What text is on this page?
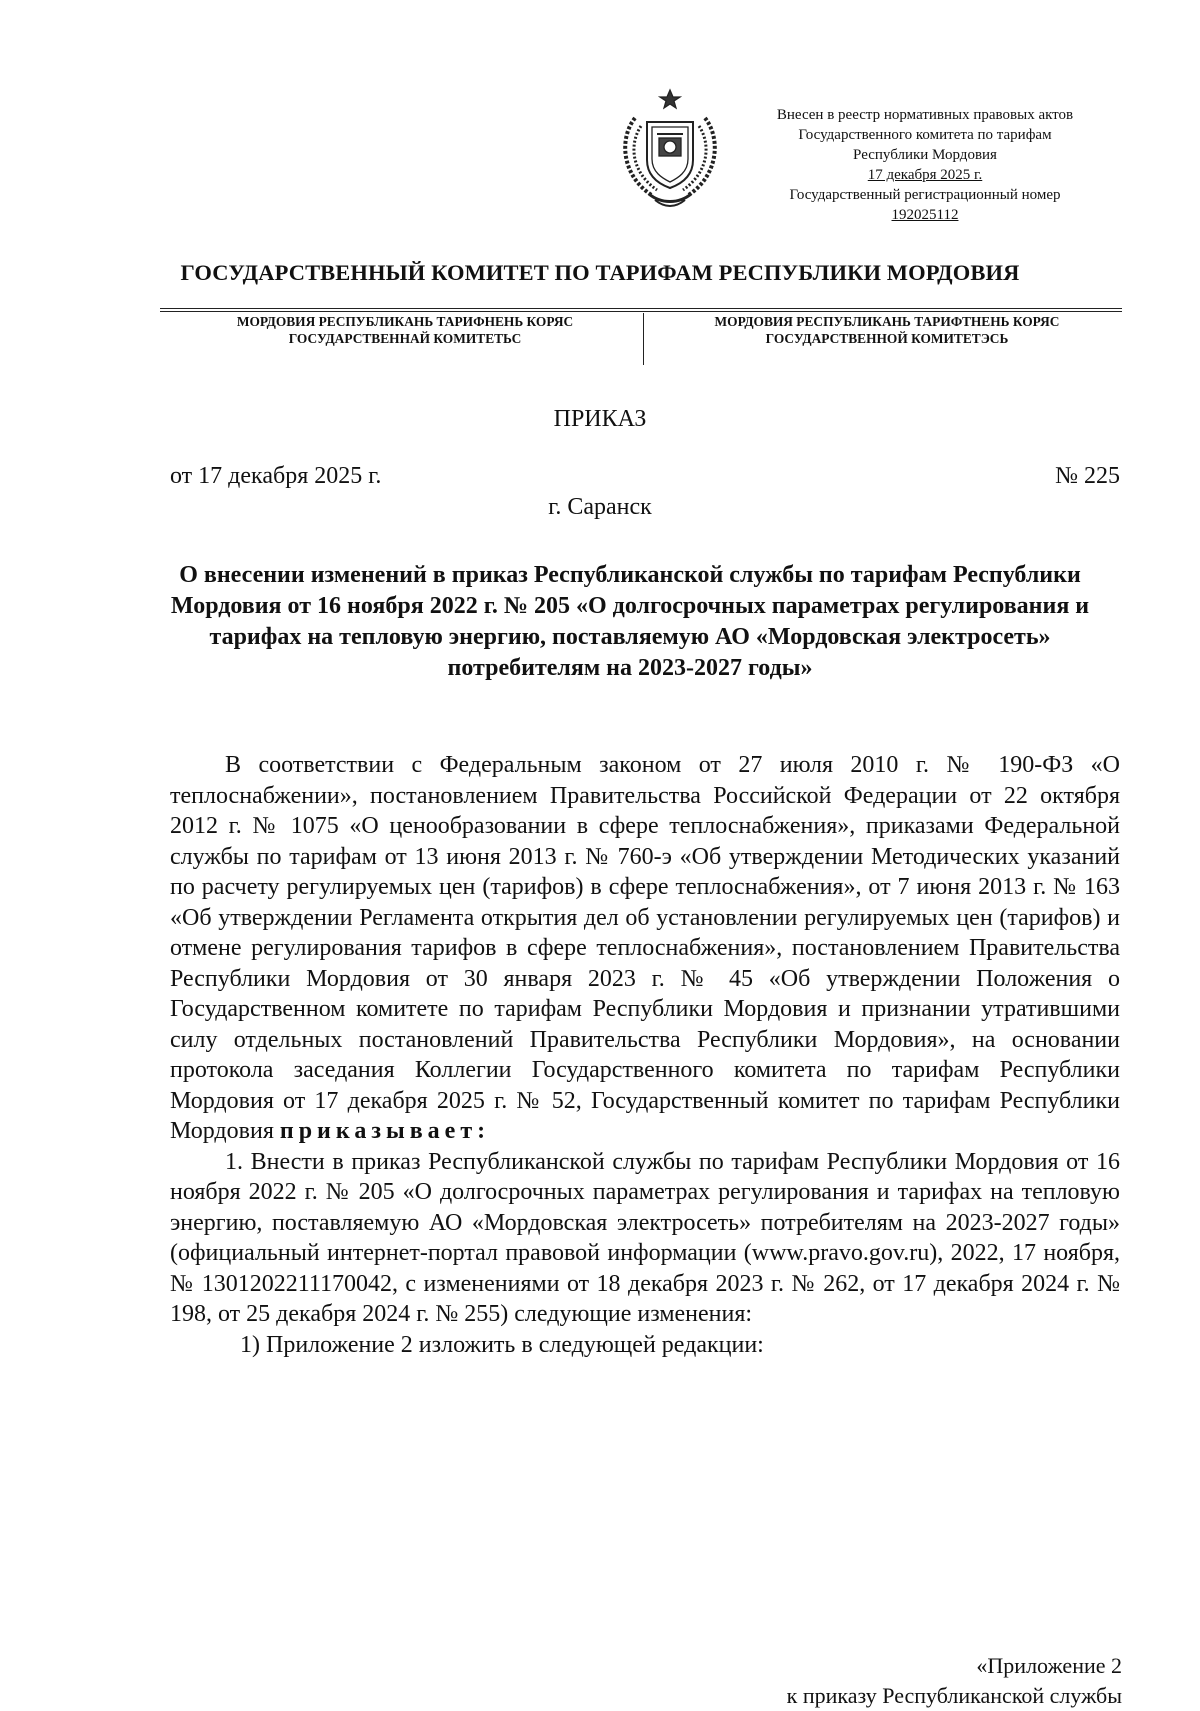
Внесен в реестр нормативных правовых актов
Государственного комитета по тарифам
Республики Мордовия
17 декабря 2025 г.
Государственный регистрационный номер
192025112
ГОСУДАРСТВЕННЫЙ КОМИТЕТ ПО ТАРИФАМ РЕСПУБЛИКИ МОРДОВИЯ
МОРДОВИЯ РЕСПУБЛИКАНЬ ТАРИФНЕНЬ КОРЯС
ГОСУДАРСТВЕННАЙ КОМИТЕТЬС
МОРДОВИЯ РЕСПУБЛИКАНЬ ТАРИФТНЕНЬ КОРЯС
ГОСУДАРСТВЕННОЙ КОМИТЕТЭСЬ
ПРИКАЗ
от 17 декабря 2025 г.	№ 225
г. Саранск
О внесении изменений в приказ Республиканской службы по тарифам Республики Мордовия от 16 ноября 2022 г. № 205 «О долгосрочных параметрах регулирования и тарифах на тепловую энергию, поставляемую АО «Мордовская электросеть» потребителям на 2023-2027 годы»

В соответствии с Федеральным законом от 27 июля 2010 г. № 190-ФЗ «О теплоснабжении», постановлением Правительства Российской Федерации от 22 октября 2012 г. № 1075 «О ценообразовании в сфере теплоснабжения», приказами Федеральной службы по тарифам от 13 июня 2013 г. № 760-э «Об утверждении Методических указаний по расчету регулируемых цен (тарифов) в сфере теплоснабжения», от 7 июня 2013 г. № 163 «Об утверждении Регламента открытия дел об установлении регулируемых цен (тарифов) и отмене регулирования тарифов в сфере теплоснабжения», постановлением Правительства Республики Мордовия от 30 января 2023 г. № 45 «Об утверждении Положения о Государственном комитете по тарифам Республики Мордовия и признании утратившими силу отдельных постановлений Правительства Республики Мордовия», на основании протокола заседания Коллегии Государственного комитета по тарифам Республики Мордовия от 17 декабря 2025 г. № 52, Государственный комитет по тарифам Республики Мордовия приказывает:

1. Внести в приказ Республиканской службы по тарифам Республики Мордовия от 16 ноября 2022 г. № 205 «О долгосрочных параметрах регулирования и тарифах на тепловую энергию, поставляемую АО «Мордовская электросеть» потребителям на 2023-2027 годы» (официальный интернет-портал правовой информации (www.pravo.gov.ru), 2022, 17 ноября, № 1301202211170042, с изменениями от 18 декабря 2023 г. № 262, от 17 декабря 2024 г. № 198, от 25 декабря 2024 г. № 255) следующие изменения:

1) Приложение 2 изложить в следующей редакции:

«Приложение 2
к приказу Республиканской службы
